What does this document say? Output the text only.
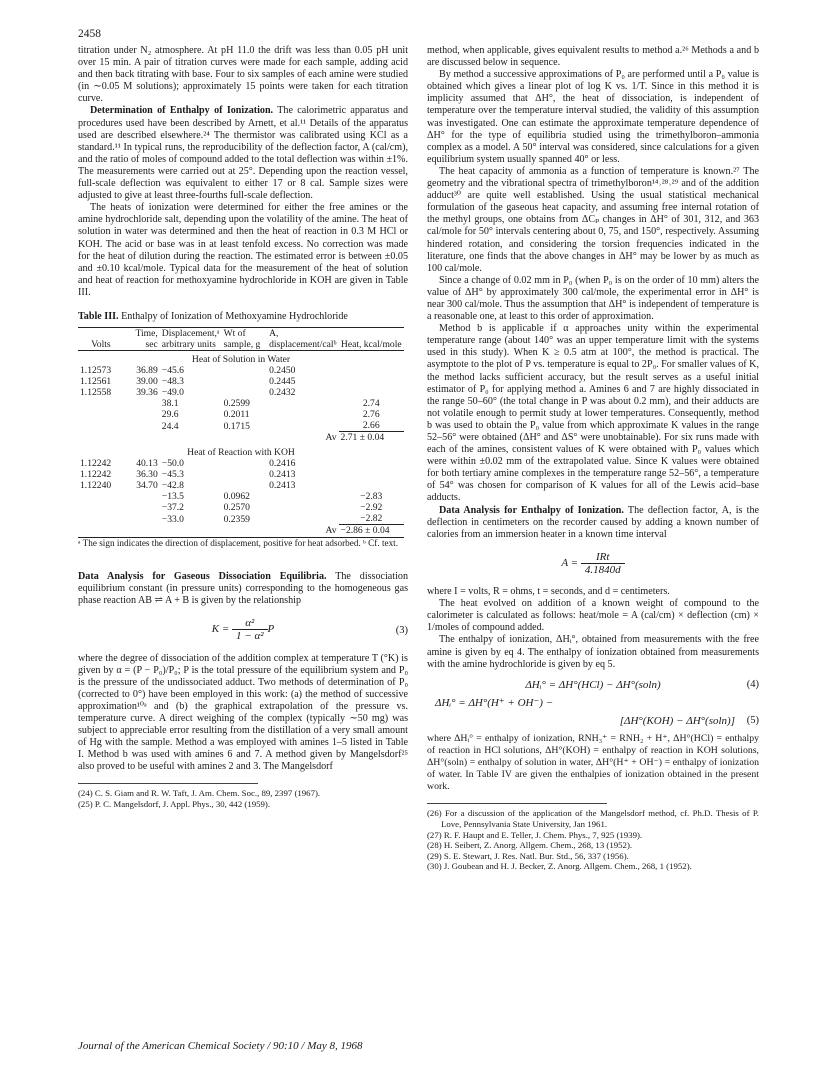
2458

titration under N₂ atmosphere. At pH 11.0 the drift was less than 0.05 pH unit over 15 min. A pair of titration curves were made for each sample, adding acid and then back titrating with base. Four to six samples of each amine were studied (in ∼0.05 M solutions); approximately 15 points were taken for each titration curve.

Determination of Enthalpy of Ionization. The calorimetric apparatus and procedures used have been described by Arnett, et al.¹¹ Details of the apparatus used are described elsewhere.²⁴ The thermistor was calibrated using KCl as a standard.¹¹ In typical runs, the reproducibility of the deflection factor, A (cal/cm), and the ratio of moles of compound added to the total deflection was within ±1%. The measurements were carried out at 25°. Depending upon the reaction vessel, full-scale deflection was equivalent to either 17 or 8 cal. Sample sizes were adjusted to give at least three-fourths full-scale deflection.

The heats of ionization were determined for either the free amines or the amine hydrochloride salt, depending upon the volatility of the amine. The heat of solution in water was determined and then the heat of reaction in 0.3 M HCl or KOH. The acid or base was in at least tenfold excess. No correction was made for the heat of dilution during the reaction. The estimated error is between ±0.05 and ±0.10 kcal/mole. Typical data for the measurement of the heat of solution and heat of reaction for methoxyamine hydrochloride in KOH are given in Table III.

Table III. Enthalpy of Ionization of Methoxyamine Hydrochloride
Volts	Time, sec	Displacement,ᵃ arbitrary units	Wt of sample, g	A, displacement/calᵇ	Heat, kcal/mole
Heat of Solution in Water					
1.12573	36.89	−45.6		0.2450	
1.12561	39.00	−48.3		0.2445	
1.12558	39.36	−49.0		0.2432	
		38.1	0.2599		2.74
		29.6	0.2011		2.76
		24.4	0.1715		2.66
Av					2.71 ± 0.04
Heat of Reaction with KOH					
1.12242	40.13	−50.0		0.2416	
1.12242	36.30	−45.3		0.2413	
1.12240	34.70	−42.8		0.2413	
		−13.5	0.0962		−2.83
		−37.2	0.2570		−2.92
		−33.0	0.2359		−2.82
Av					−2.86 ± 0.04

ᵃ The sign indicates the direction of displacement, positive for heat adsorbed. ᵇ Cf. text.

Data Analysis for Gaseous Dissociation Equilibria. The dissociation equilibrium constant (in pressure units) corresponding to the homogeneous gas phase reaction AB ⇌ A + B is given by the relationship

$K = \frac{\text{α²}}{\text{1 − α²}}$ P	(3)

where the degree of dissociation of the addition complex at temperature T (°K) is given by α = (P − P₀)/P₀; P is the total pressure of the equilibrium system and P₀ is the pressure of the undissociated adduct. Two methods of determination of P₀ (corrected to 0°) have been employed in this work: (a) the method of successive approximation¹⁰ᵃ and (b) the graphical extrapolation of the pressure vs. temperature curve. A direct weighing of the complex (typically ∼50 mg) was subject to appreciable error resulting from the distillation of a very small amount of Hg with the sample. Method a was employed with amines 1–5 listed in Table I. Method b was used with amines 6 and 7. A method given by Mangelsdorf²⁵ also proved to be useful with amines 2 and 3. The Mangelsdorf

(24) C. S. Giam and R. W. Taft, J. Am. Chem. Soc., 89, 2397 (1967).
(25) P. C. Mangelsdorf, J. Appl. Phys., 30, 442 (1959).

method, when applicable, gives equivalent results to method a.²⁶ Methods a and b are discussed below in sequence.

By method a successive approximations of P₀ are performed until a P₀ value is obtained which gives a linear plot of log K vs. 1/T. Since in this method it is implicity assumed that ΔH°, the heat of dissociation, is independent of temperature over the temperature interval studied, the validity of this assumption was investigated. One can estimate the approximate temperature dependence of ΔH° for the type of equilibria studied using the trimethylboron–ammonia complex as a model. A 50° interval was considered, since calculations for a given equilibrium system usually spanned 40° or less.

The heat capacity of ammonia as a function of temperature is known.²⁷ The geometry and the vibrational spectra of trimethylboron¹⁴˒²⁸˒²⁹ and of the addition adduct³⁰ are quite well established. Using the usual statistical mechanical formulation of the gaseous heat capacity, and assuming free internal rotation of the methyl groups, one obtains from ΔCₚ changes in ΔH° of 301, 312, and 363 cal/mole for 50° intervals centering about 0, 75, and 150°, respectively. Assuming hindered rotation, and considering the torsion frequencies indicated in the literature, one finds that the above changes in ΔH° may be lower by as much as 100 cal/mole.

Since a change of 0.02 mm in P₀ (when P₀ is on the order of 10 mm) alters the value of ΔH° by approximately 300 cal/mole, the experimental error in ΔH° is near 300 cal/mole. Thus the assumption that ΔH° is independent of temperature is a reasonable one, at least to this order of approximation.

Method b is applicable if α approaches unity within the experimental temperature range (about 140° was an upper temperature limit with the systems used in this study). When K ≥ 0.5 atm at 100°, the method is practical. The asymptote to the plot of P vs. temperature is equal to 2P₀. For smaller values of K, the method lacks sufficient accuracy, but the result serves as a useful initial estimator of P₀ for applying method a. Amines 6 and 7 are highly dissociated in the range 50–60° (the total change in P was about 0.2 mm), and their adducts are not volatile enough to permit study at lower temperatures. Consequently, method b was used to obtain the P₀ value from which approximate K values in the range 52–56° were obtained (ΔH° and ΔS° were unobtainable). For six runs made with each of the amines, consistent values of K were obtained with P₀ values which were within ±0.02 mm of the extrapolated value. Since K values were obtained for both tertiary amine complexes in the temperature range 52–56°, a temperature of 54° was chosen for comparison of K values for all of the Lewis acid–base adducts.

Data Analysis for Enthalpy of Ionization. The deflection factor, A, is the deflection in centimeters on the recorder caused by adding a known number of calories from an immersion heater in a known time interval

$A = \frac{\text{IRt}}{4.1840d}$

where I = volts, R = ohms, t = seconds, and d = centimeters.

The heat evolved on addition of a known weight of compound to the calorimeter is calculated as follows: heat/mole = A (cal/cm) × deflection (cm) × 1/moles of compound added.

The enthalpy of ionization, ΔHᵢ°, obtained from measurements with the free amine is given by eq 4. The enthalpy of ionization obtained from measurements with the amine hydrochloride is given by eq 5.

ΔHᵢ° = ΔH°(HCl) − ΔH°(soln)	(4)
ΔHᵢ° = ΔH°(H⁺ + OH⁻) −
[ΔH°(KOH) − ΔH°(soln)] (5)

where ΔHᵢ° = enthalpy of ionization, RNH₃⁺ = RNH₂ + H⁺, ΔH°(HCl) = enthalpy of reaction in HCl solutions, ΔH°(KOH) = enthalpy of reaction in KOH solutions, ΔH°(soln) = enthalpy of solution in water, ΔH°(H⁺ + OH⁻) = enthalpy of ionization of water. In Table IV are given the enthalpies of ionization obtained in the present work.

(26) For a discussion of the application of the Mangelsdorf method, cf. Ph.D. Thesis of P. Love, Pennsylvania State University, Jan 1961.
(27) R. F. Haupt and E. Teller, J. Chem. Phys., 7, 925 (1939).
(28) H. Seibert, Z. Anorg. Allgem. Chem., 268, 13 (1952).
(29) S. E. Stewart, J. Res. Natl. Bur. Std., 56, 337 (1956).
(30) J. Goubean and H. J. Becker, Z. Anorg. Allgem. Chem., 268, 1 (1952).
Journal of the American Chemical Society / 90:10 / May 8, 1968
